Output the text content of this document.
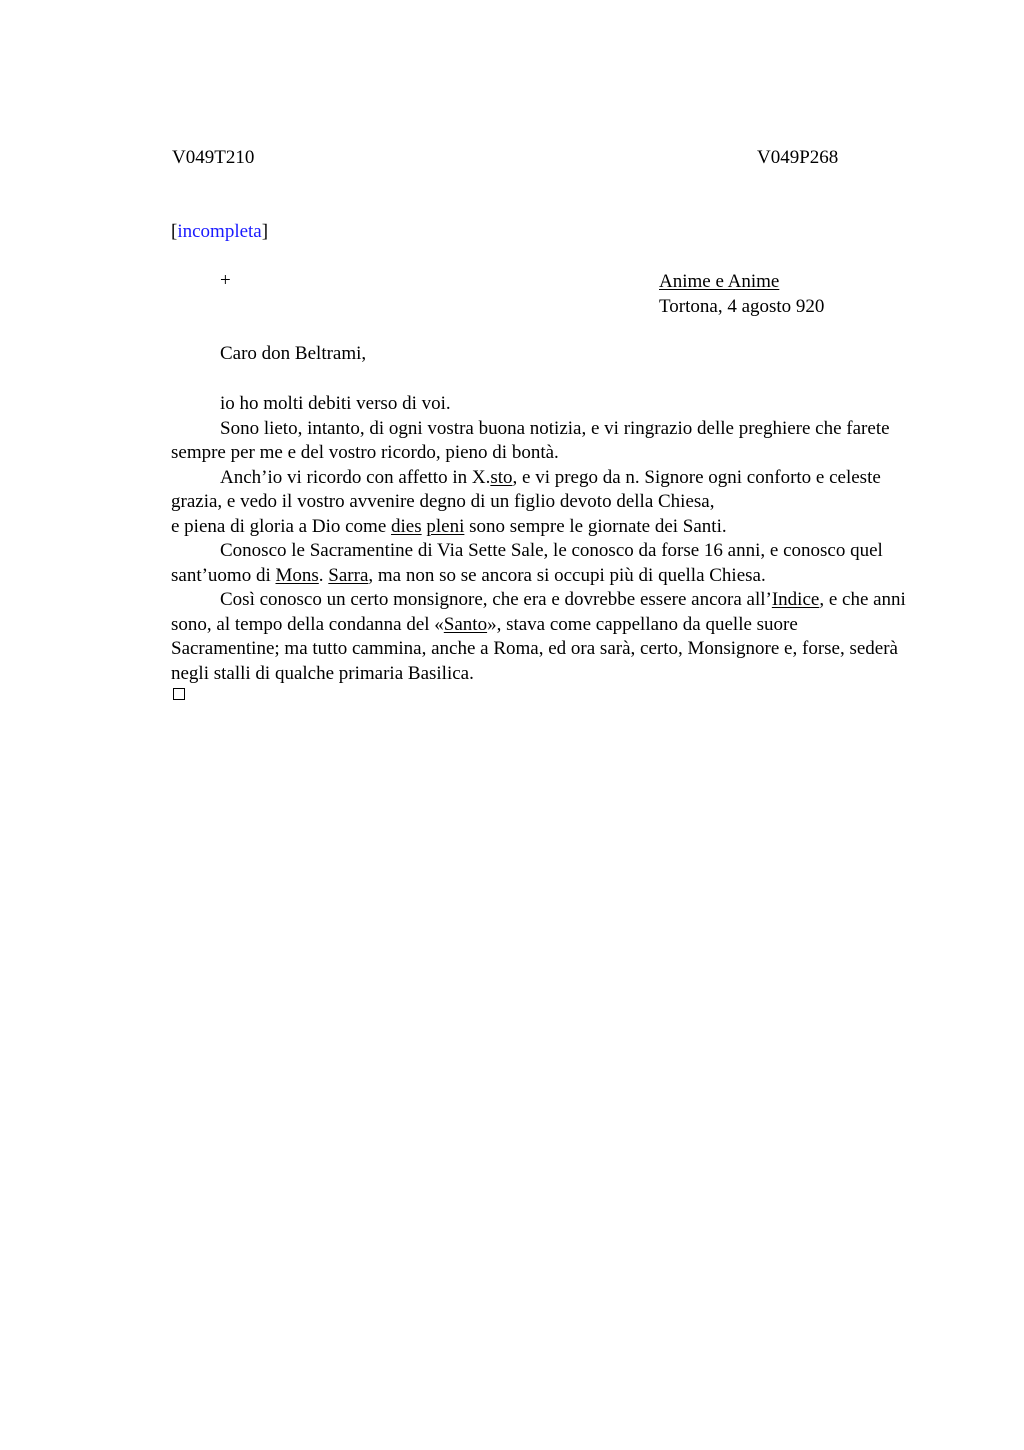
V049T210	V049P268
[incompleta]
+	Anime e Anime
Tortona, 4 agosto 920
Caro don Beltrami,

io ho molti debiti verso di voi.

Sono lieto, intanto, di ogni vostra buona notizia, e vi ringrazio delle preghiere che farete sempre per me e del vostro ricordo, pieno di bontà.

Anch’io vi ricordo con affetto in X.sto, e vi prego da n. Signore ogni conforto e celeste grazia, e vedo il vostro avvenire degno di un figlio devoto della Chiesa,

e piena di gloria a Dio come dies pleni sono sempre le giornate dei Santi.

Conosco le Sacramentine di Via Sette Sale, le conosco da forse 16 anni, e conosco quel sant’uomo di Mons. Sarra, ma non so se ancora si occupi più di quella Chiesa.

Così conosco un certo monsignore, che era e dovrebbe essere ancora all’Indice, e che anni sono, al tempo della condanna del «Santo», stava come cappellano da quelle suore Sacramentine; ma tutto cammina, anche a Roma, ed ora sarà, certo, Monsignore e, forse, sederà negli stalli di qualche primaria Basilica.
